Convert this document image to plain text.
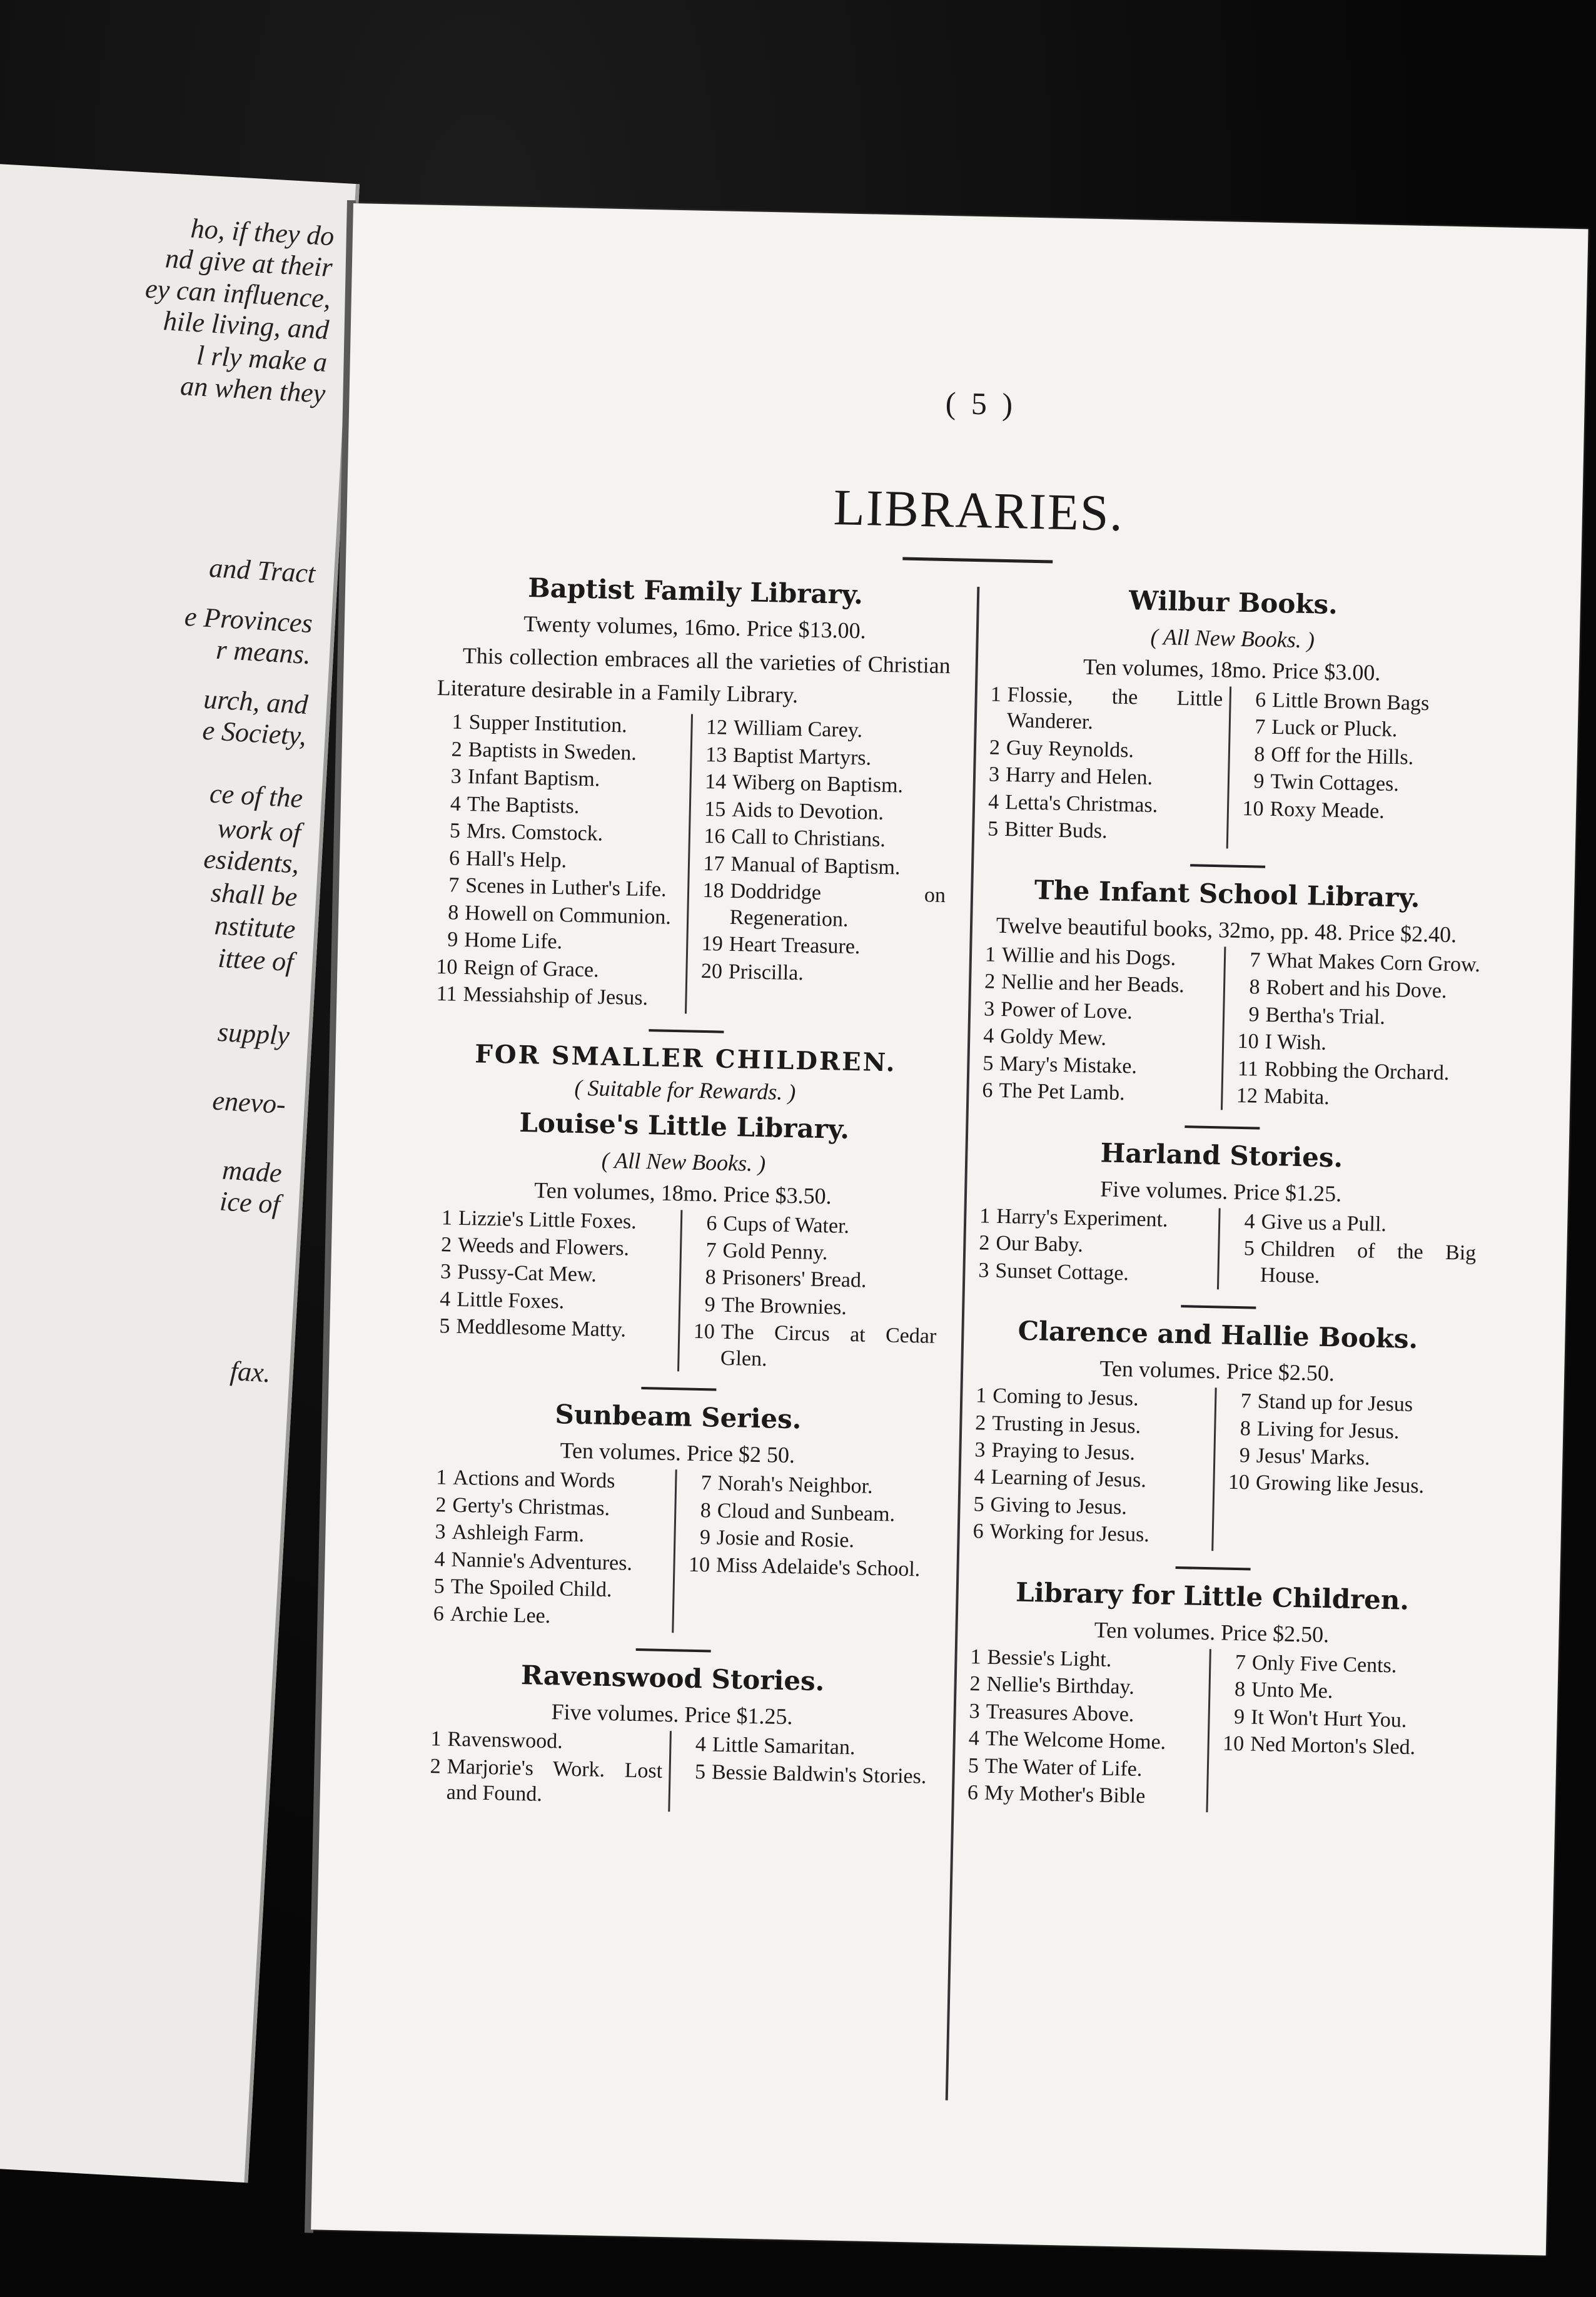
ho, if they do
nd give at their
ey can influence,
hile living, and
l rly make a
an when they
and Tract
e Provinces
r means.
urch, and
e Society,
ce of the
work of
esidents,
shall be
nstitute
ittee of
supply
enevo-
made
ice of
fax.
( 5 )
LIBRARIES.
Baptist Family Library.
Twenty volumes, 16mo. Price $13.00.

This collection embraces all the varieties of Christian Literature desirable in a Family Library.

1 Supper Institution.
2 Baptists in Sweden.
3 Infant Baptism.
4 The Baptists.
5 Mrs. Comstock.
6 Hall's Help.
7 Scenes in Luther's Life.
8 Howell on Communion.
9 Home Life.
10 Reign of Grace.
11 Messiahship of Jesus.
12 William Carey.
13 Baptist Martyrs.
14 Wiberg on Baptism.
15 Aids to Devotion.
16 Call to Christians.
17 Manual of Baptism.
18 Doddridge on Regeneration.
19 Heart Treasure.
20 Priscilla.
FOR SMALLER CHILDREN.
( Suitable for Rewards. )
Louise's Little Library.
( All New Books. )
Ten volumes, 18mo. Price $3.50.
1 Lizzie's Little Foxes.
2 Weeds and Flowers.
3 Pussy-Cat Mew.
4 Little Foxes.
5 Meddlesome Matty.
6 Cups of Water.
7 Gold Penny.
8 Prisoners' Bread.
9 The Brownies.
10 The Circus at Cedar Glen.
Sunbeam Series.
Ten volumes. Price $2 50.
1 Actions and Words
2 Gerty's Christmas.
3 Ashleigh Farm.
4 Nannie's Adventures.
5 The Spoiled Child.
6 Archie Lee.
7 Norah's Neighbor.
8 Cloud and Sunbeam.
9 Josie and Rosie.
10 Miss Adelaide's School.
Ravenswood Stories.
Five volumes. Price $1.25.
1 Ravenswood.
2 Marjorie's Work. Lost and Found.
4 Little Samaritan.
5 Bessie Baldwin's Stories.
Wilbur Books.
( All New Books. )
Ten volumes, 18mo. Price $3.00.
1 Flossie, the Little Wanderer.
2 Guy Reynolds.
3 Harry and Helen.
4 Letta's Christmas.
5 Bitter Buds.
6 Little Brown Bags
7 Luck or Pluck.
8 Off for the Hills.
9 Twin Cottages.
10 Roxy Meade.
The Infant School Library.
Twelve beautiful books, 32mo, pp. 48. Price $2.40.
1 Willie and his Dogs.
2 Nellie and her Beads.
3 Power of Love.
4 Goldy Mew.
5 Mary's Mistake.
6 The Pet Lamb.
7 What Makes Corn Grow.
8 Robert and his Dove.
9 Bertha's Trial.
10 I Wish.
11 Robbing the Orchard.
12 Mabita.
Harland Stories.
Five volumes. Price $1.25.
1 Harry's Experiment.
2 Our Baby.
3 Sunset Cottage.
4 Give us a Pull.
5 Children of the Big House.
Clarence and Hallie Books.
Ten volumes. Price $2.50.
1 Coming to Jesus.
2 Trusting in Jesus.
3 Praying to Jesus.
4 Learning of Jesus.
5 Giving to Jesus.
6 Working for Jesus.
7 Stand up for Jesus
8 Living for Jesus.
9 Jesus' Marks.
10 Growing like Jesus.
Library for Little Children.
Ten volumes. Price $2.50.
1 Bessie's Light.
2 Nellie's Birthday.
3 Treasures Above.
4 The Welcome Home.
5 The Water of Life.
6 My Mother's Bible
7 Only Five Cents.
8 Unto Me.
9 It Won't Hurt You.
10 Ned Morton's Sled.
